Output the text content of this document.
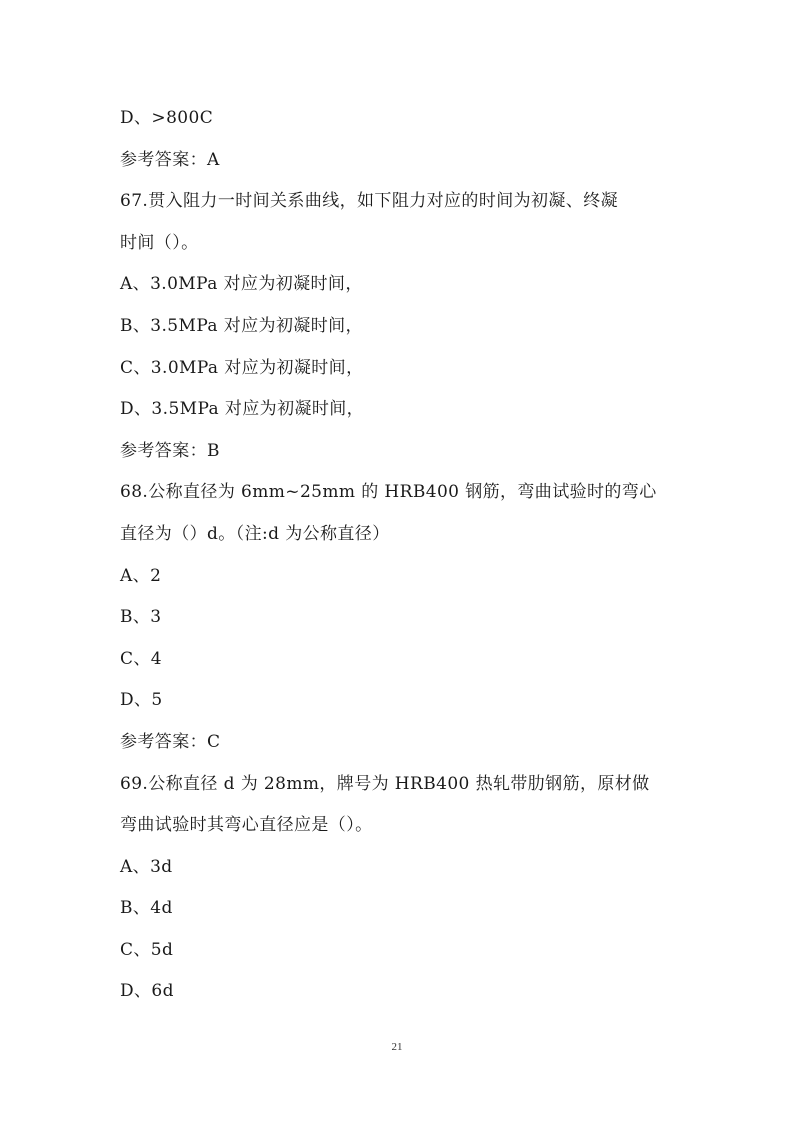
D、>800C
参考答案：A
67.贯入阻力一时间关系曲线，如下阻力对应的时间为初凝、终凝
时间（）。
A、3.0MPa 对应为初凝时间，
B、3.5MPa 对应为初凝时间，
C、3.0MPa 对应为初凝时间，
D、3.5MPa 对应为初凝时间，
参考答案：B
68.公称直径为 6mm~25mm 的 HRB400 钢筋，弯曲试验时的弯心
直径为（）d。（注:d 为公称直径）
A、2
B、3
C、4
D、5
参考答案：C
69.公称直径 d 为 28mm，牌号为 HRB400 热轧带肋钢筋，原材做
弯曲试验时其弯心直径应是（）。
A、3d
B、4d
C、5d
D、6d
21
